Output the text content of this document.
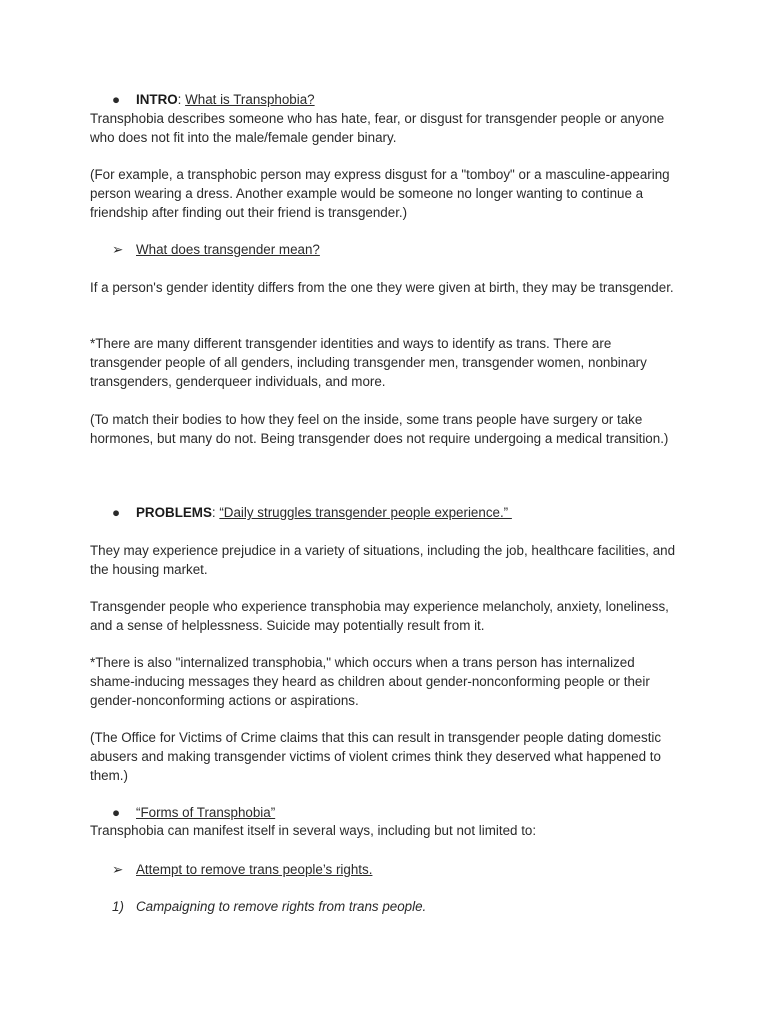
● INTRO: What is Transphobia?
Transphobia describes someone who has hate, fear, or disgust for transgender people or anyone who does not fit into the male/female gender binary.
(For example, a transphobic person may express disgust for a "tomboy" or a masculine-appearing person wearing a dress. Another example would be someone no longer wanting to continue a friendship after finding out their friend is transgender.)
➢ What does transgender mean?
If a person's gender identity differs from the one they were given at birth, they may be transgender.
*There are many different transgender identities and ways to identify as trans. There are transgender people of all genders, including transgender men, transgender women, nonbinary transgenders, genderqueer individuals, and more.
(To match their bodies to how they feel on the inside, some trans people have surgery or take hormones, but many do not. Being transgender does not require undergoing a medical transition.)
● PROBLEMS: “Daily struggles transgender people experience.”
They may experience prejudice in a variety of situations, including the job, healthcare facilities, and the housing market.
Transgender people who experience transphobia may experience melancholy, anxiety, loneliness, and a sense of helplessness. Suicide may potentially result from it.
*There is also "internalized transphobia," which occurs when a trans person has internalized shame-inducing messages they heard as children about gender-nonconforming people or their gender-nonconforming actions or aspirations.
(The Office for Victims of Crime claims that this can result in transgender people dating domestic abusers and making transgender victims of violent crimes think they deserved what happened to them.)
● “Forms of Transphobia”
Transphobia can manifest itself in several ways, including but not limited to:
➢ Attempt to remove trans people’s rights.
1) Campaigning to remove rights from trans people.
